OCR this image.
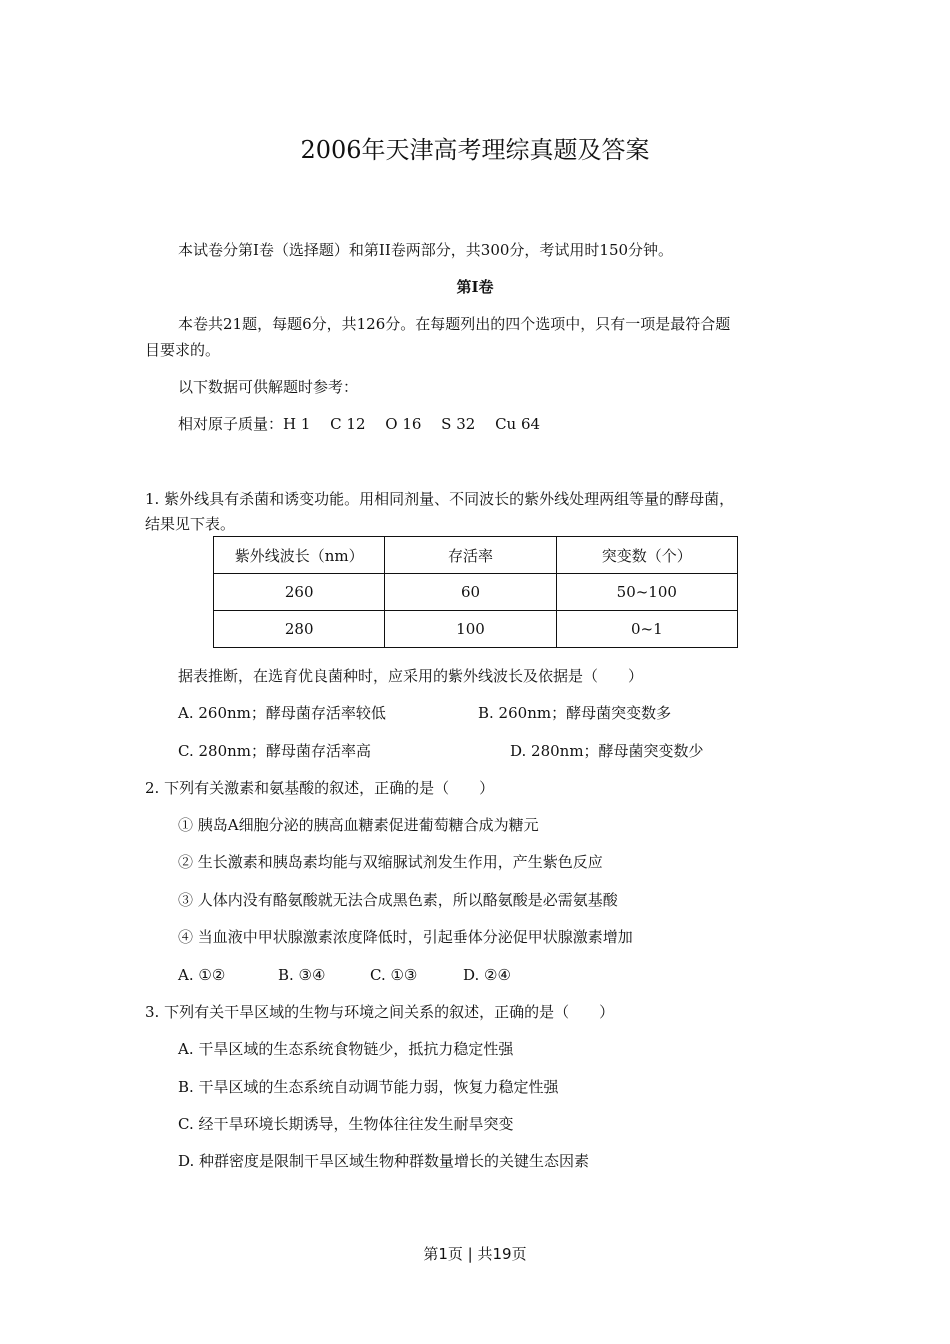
2006年天津高考理综真题及答案
本试卷分第I卷（选择题）和第II卷两部分，共300分，考试用时150分钟。
第I卷
本卷共21题，每题6分，共126分。在每题列出的四个选项中，只有一项是最符合题
目要求的。
以下数据可供解题时参考：
相对原子质量：H 1　 C 12　 O 16　 S 32　 Cu 64
1. 紫外线具有杀菌和诱变功能。用相同剂量、不同波长的紫外线处理两组等量的酵母菌，
结果见下表。
紫外线波长（nm）	存活率	突变数（个）
260	60	50~100
280	100	0~1
据表推断，在选育优良菌种时，应采用的紫外线波长及依据是（　　）
A. 260nm；酵母菌存活率较低	B. 260nm；酵母菌突变数多
C. 280nm；酵母菌存活率高	D. 280nm；酵母菌突变数少
2. 下列有关激素和氨基酸的叙述，正确的是（　　）
① 胰岛A细胞分泌的胰高血糖素促进葡萄糖合成为糖元
② 生长激素和胰岛素均能与双缩脲试剂发生作用，产生紫色反应
③ 人体内没有酪氨酸就无法合成黑色素，所以酪氨酸是必需氨基酸
④ 当血液中甲状腺激素浓度降低时，引起垂体分泌促甲状腺激素增加
A. ①②	B. ③④	C. ①③	D. ②④
3. 下列有关干旱区域的生物与环境之间关系的叙述，正确的是（　　）
A. 干旱区域的生态系统食物链少，抵抗力稳定性强
B. 干旱区域的生态系统自动调节能力弱，恢复力稳定性强
C. 经干旱环境长期诱导，生物体往往发生耐旱突变
D. 种群密度是限制干旱区域生物种群数量增长的关键生态因素
第1页 | 共19页
